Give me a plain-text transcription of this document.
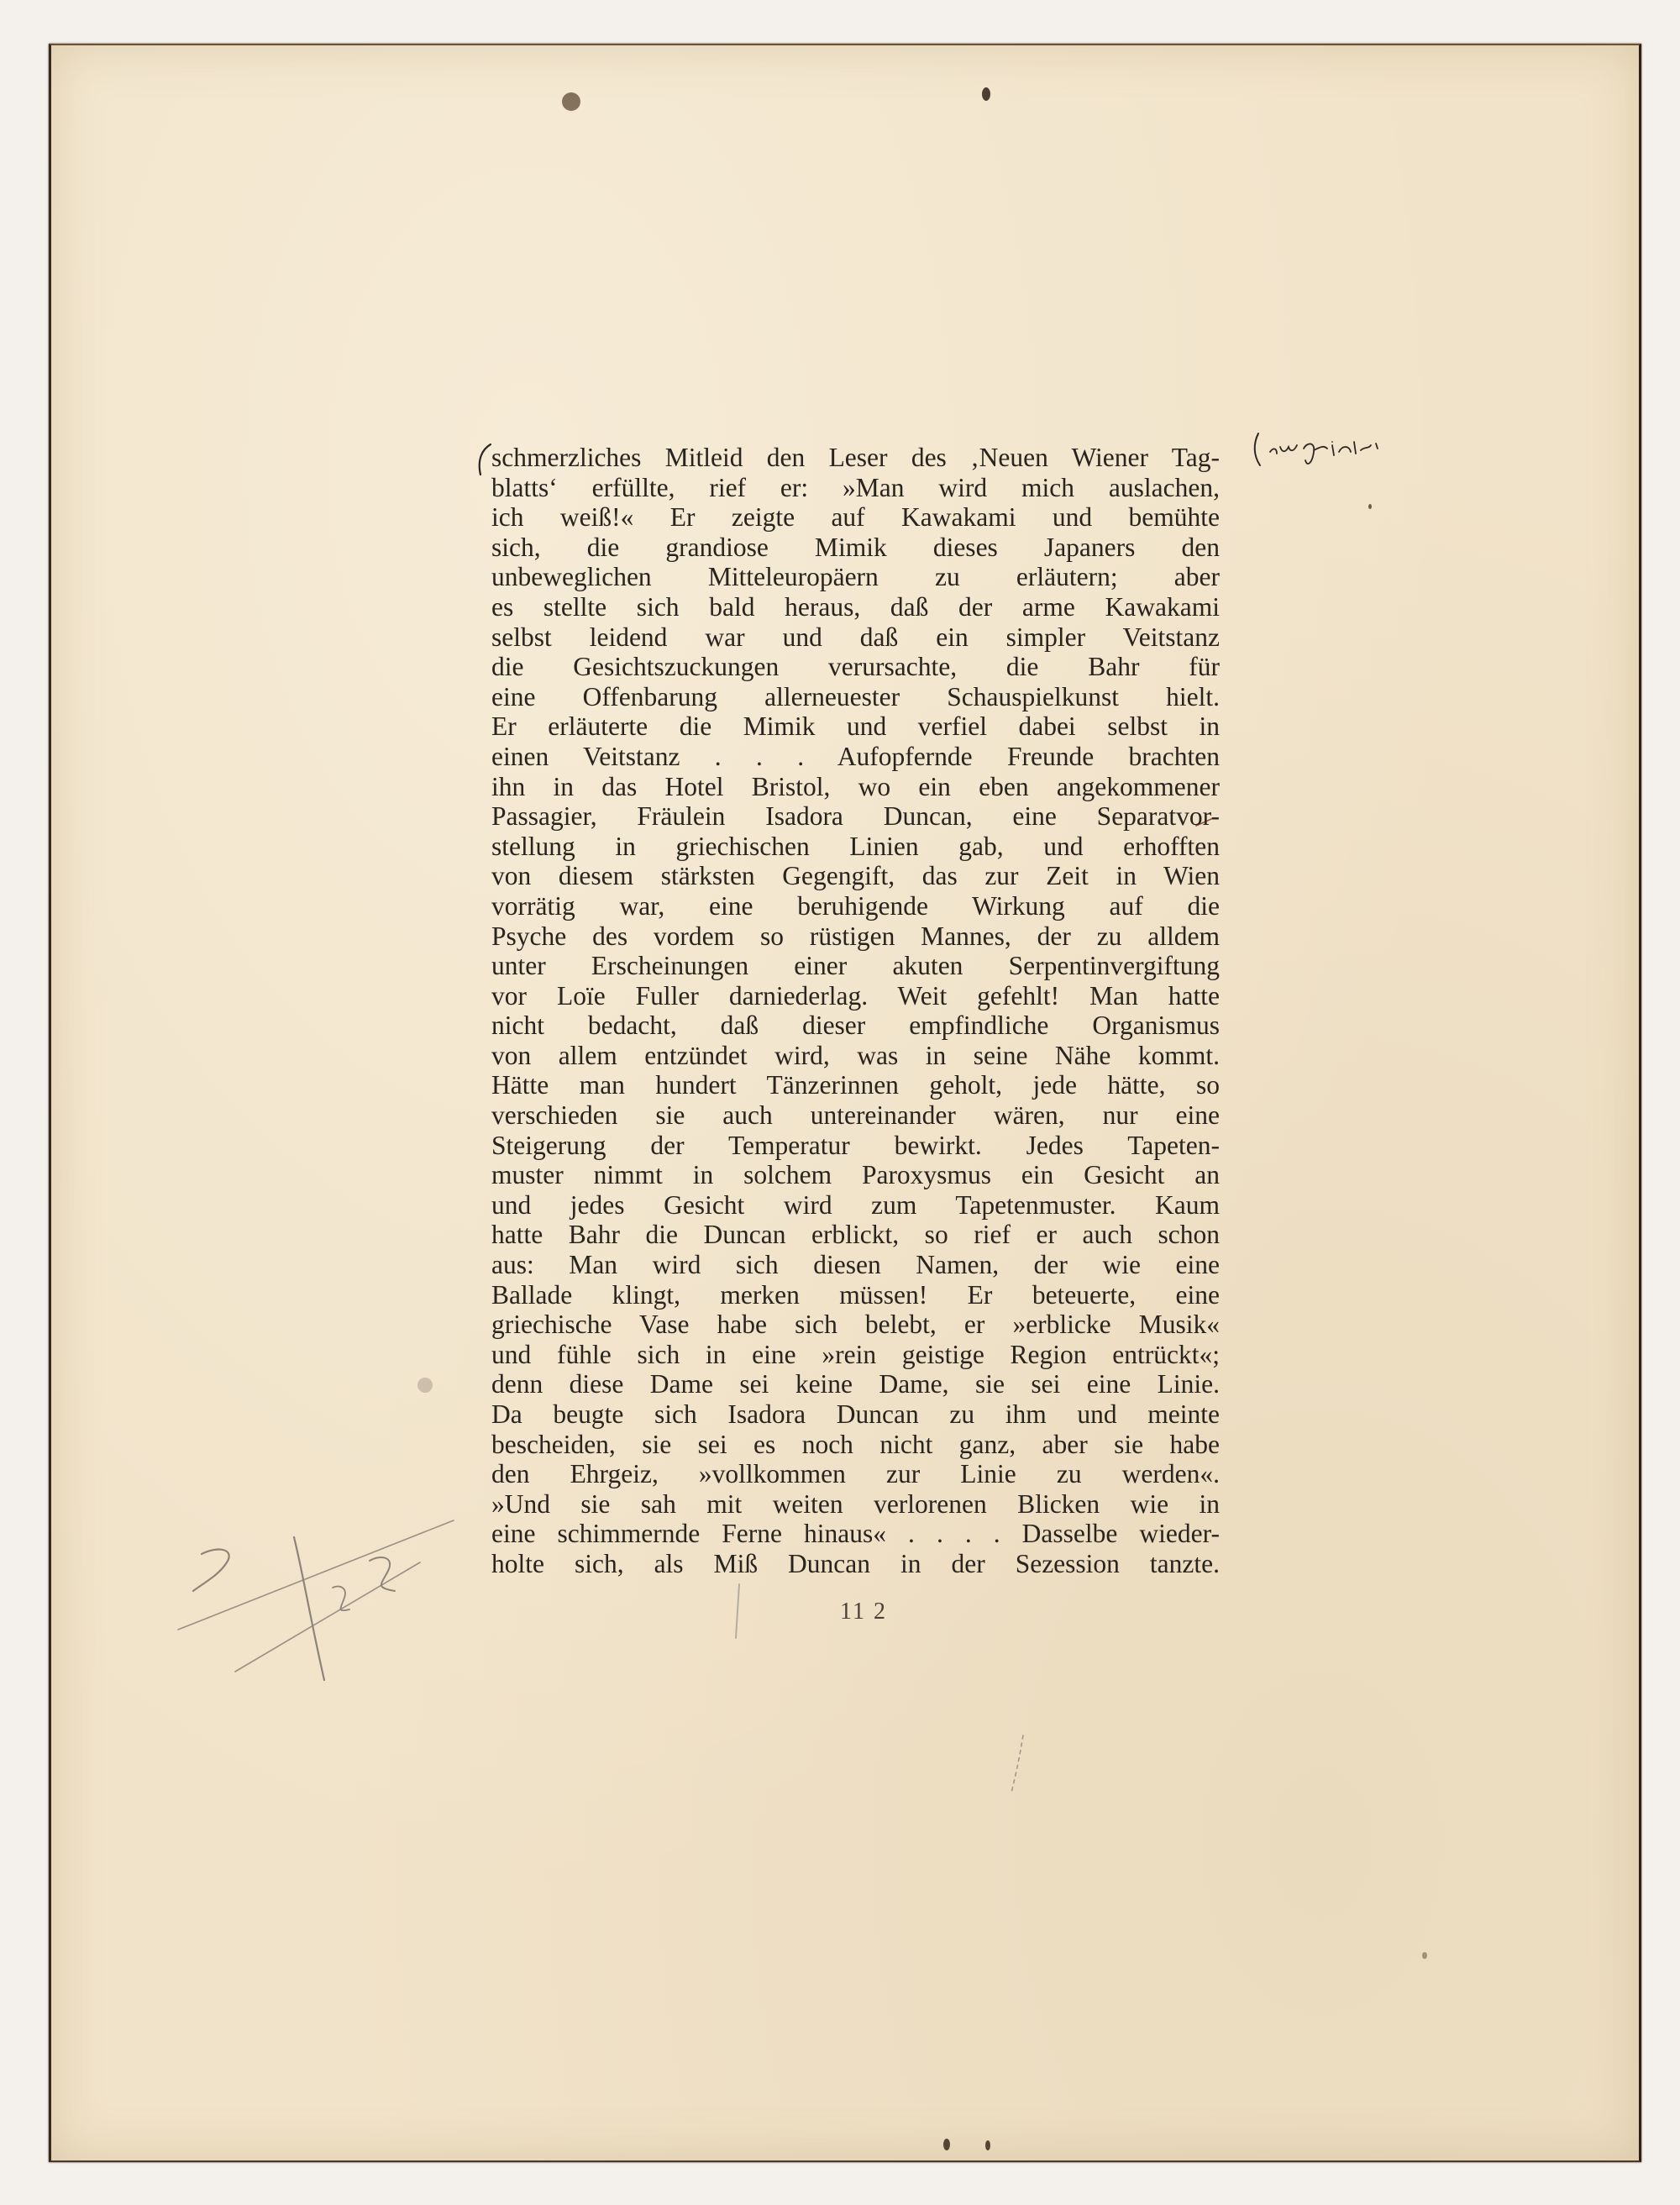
schmerzliches Mitleid den Leser des ‚Neuen Wiener Tag-
blatts‘ erfüllte, rief er: »Man wird mich auslachen,
ich weiß!« Er zeigte auf Kawakami und bemühte
sich, die grandiose Mimik dieses Japaners den
unbeweglichen Mitteleuropäern zu erläutern; aber
es stellte sich bald heraus, daß der arme Kawakami
selbst leidend war und daß ein simpler Veitstanz
die Gesichtszuckungen verursachte, die Bahr für
eine Offenbarung allerneuester Schauspielkunst hielt.
Er erläuterte die Mimik und verfiel dabei selbst in
einen Veitstanz . . . Aufopfernde Freunde brachten
ihn in das Hotel Bristol, wo ein eben angekommener
Passagier, Fräulein Isadora Duncan, eine Separatvor-
stellung in griechischen Linien gab, und erhofften
von diesem stärksten Gegengift, das zur Zeit in Wien
vorrätig war, eine beruhigende Wirkung auf die
Psyche des vordem so rüstigen Mannes, der zu alldem
unter Erscheinungen einer akuten Serpentinvergiftung
vor Loïe Fuller darniederlag. Weit gefehlt! Man hatte
nicht bedacht, daß dieser empfindliche Organismus
von allem entzündet wird, was in seine Nähe kommt.
Hätte man hundert Tänzerinnen geholt, jede hätte, so
verschieden sie auch untereinander wären, nur eine
Steigerung der Temperatur bewirkt. Jedes Tapeten-
muster nimmt in solchem Paroxysmus ein Gesicht an
und jedes Gesicht wird zum Tapetenmuster. Kaum
hatte Bahr die Duncan erblickt, so rief er auch schon
aus: Man wird sich diesen Namen, der wie eine
Ballade klingt, merken müssen! Er beteuerte, eine
griechische Vase habe sich belebt, er »erblicke Musik«
und fühle sich in eine »rein geistige Region entrückt«;
denn diese Dame sei keine Dame, sie sei eine Linie.
Da beugte sich Isadora Duncan zu ihm und meinte
bescheiden, sie sei es noch nicht ganz, aber sie habe
den Ehrgeiz, »vollkommen zur Linie zu werden«.
»Und sie sah mit weiten verlorenen Blicken wie in
eine schimmernde Ferne hinaus« . . . . Dasselbe wieder-
holte sich, als Miß Duncan in der Sezession tanzte.
11 2
